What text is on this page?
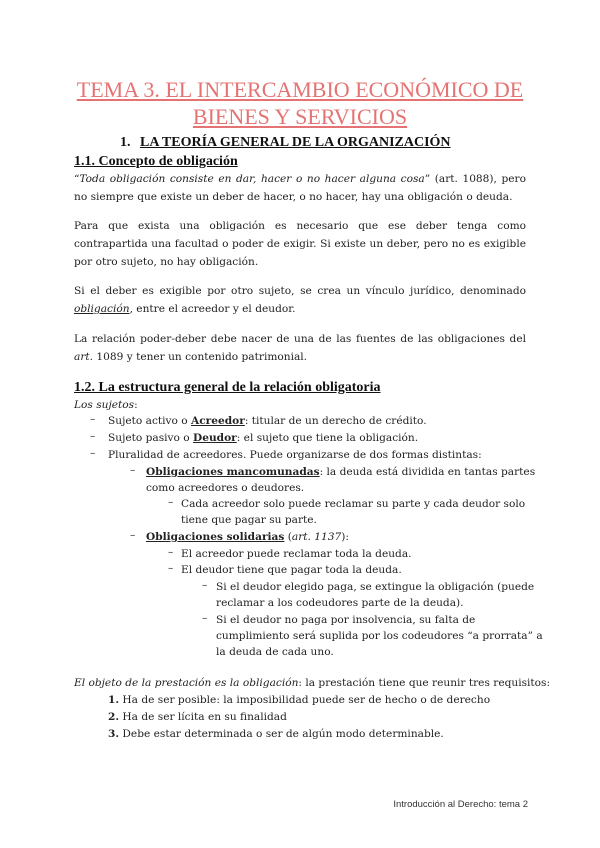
TEMA 3. EL INTERCAMBIO ECONÓMICO DE
BIENES Y SERVICIOS
1. LA TEORÍA GENERAL DE LA ORGANIZACIÓN
1.1. Concepto de obligación

“Toda obligación consiste en dar, hacer o no hacer alguna cosa” (art. 1088), pero no siempre que existe un deber de hacer, o no hacer, hay una obligación o deuda.

Para que exista una obligación es necesario que ese deber tenga como contrapartida una facultad o poder de exigir. Si existe un deber, pero no es exigible por otro sujeto, no hay obligación.

Si el deber es exigible por otro sujeto, se crea un vínculo jurídico, denominado obligación, entre el acreedor y el deudor.

La relación poder-deber debe nacer de una de las fuentes de las obligaciones del art. 1089 y tener un contenido patrimonial.

1.2. La estructura general de la relación obligatoria
Los sujetos:
– Sujeto activo o Acreedor: titular de un derecho de crédito.
– Sujeto pasivo o Deudor: el sujeto que tiene la obligación.
– Pluralidad de acreedores. Puede organizarse de dos formas distintas:
– Obligaciones mancomunadas: la deuda está dividida en tantas partes
como acreedores o deudores.
– Cada acreedor solo puede reclamar su parte y cada deudor solo
tiene que pagar su parte.
– Obligaciones solidarias (art. 1137):
– El acreedor puede reclamar toda la deuda.
– El deudor tiene que pagar toda la deuda.
– Si el deudor elegido paga, se extingue la obligación (puede
reclamar a los codeudores parte de la deuda).
– Si el deudor no paga por insolvencia, su falta de
cumplimiento será suplida por los codeudores “a prorrata” a
la deuda de cada uno.
El objeto de la prestación es la obligación: la prestación tiene que reunir tres requisitos:
1. Ha de ser posible: la imposibilidad puede ser de hecho o de derecho
2. Ha de ser lícita en su finalidad
3. Debe estar determinada o ser de algún modo determinable.
Introducción al Derecho: tema 2
